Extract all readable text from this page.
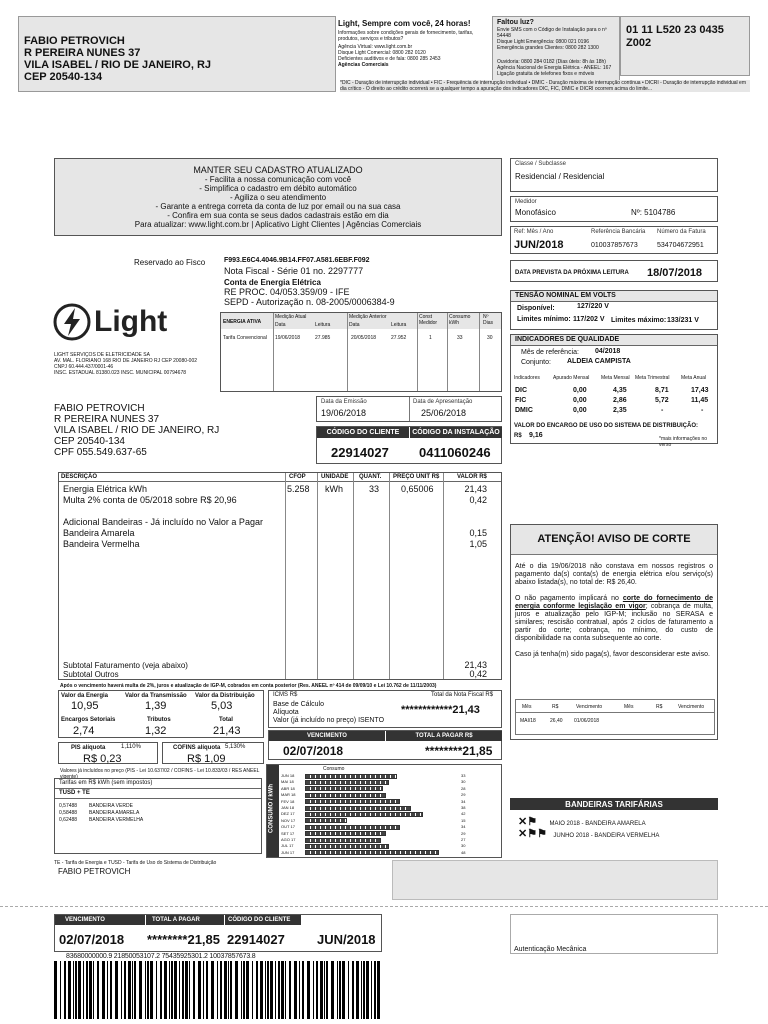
FABIO PETROVICH
R PEREIRA NUNES 37
VILA ISABEL / RIO DE JANEIRO, RJ
CEP 20540-134
Light, Sempre com você, 24 horas!
Informações sobre condições gerais de fornecimento, tarifas, produtos, serviços e tributos?
Agência Virtual: www.light.com.br
Disque Light Comercial: 0800 282 0120
Deficientes auditivos e de fala: 0800 285 2453
Agências Comerciais
Faltou luz?
Envie SMS com o Código de Instalação para o nº 54448
Disque Light Emergência: 0800 021 0196
Emergência grandes Clientes: 0800 282 1300
Ouvidoria: 0800 284 0182 (Dias úteis: 8h às 18h)
Agência Nacional de Energia Elétrica - ANEEL: 167
Ligação gratuita de telefones fixos e móveis
01 11 L520 23 0435
Z002
*DIC - Duração de interrupção individual • FIC - Frequência de interrupção individual • DMIC - Duração máxima de interrupção contínua • DICRI - Duração de interrupção individual em dia crítico - O direito ao crédito ocorrerá se a qualquer tempo a apuração dos indicadores DIC, FIC, DMIC e DICRI ocorrem acima do limite...
MANTER SEU CADASTRO ATUALIZADO
- Facilita a nossa comunicação com você
- Simplifica o cadastro em débito automático
- Agiliza o seu atendimento
- Garante a entrega correta da conta de luz por email ou na sua casa
- Confira em sua conta se seus dados cadastrais estão em dia
Para atualizar: www.light.com.br | Aplicativo Light Clientes | Agências Comerciais
Classe / Subclasse
Residencial / Residencial
Medidor
Monofásico	Nº: 5104786
Ref: Mês / Ano
JUN/2018
Referência Bancária
010037857673
Número da Fatura
534704672951
DATA PREVISTA DA PRÓXIMA LEITURA 18/07/2018
Reservado ao Fisco	F993.E6C4.4046.9B14.FF07.A581.6EBF.F092
Nota Fiscal - Série 01 no. 2297777
Conta de Energia Elétrica
RE PROC. 04/053.359/09 - IFE
SEPD - Autorização n. 08-2005/0006384-9
Light
LIGHT SERVIÇOS DE ELETRICIDADE SA
AV. MAL. FLORIANO 168 RIO DE JANEIRO RJ CEP 20080-002
CNPJ 60.444.437/0001-46
INSC. ESTADUAL 81380.023 INSC. MUNICIPAL 00794678
ENERGIA ATIVA
Medição Atual
Data	Leitura
Medição Anterior
Data	Leitura
Const Medidor
Consumo kWh
Nº Dias
Tarifa Convencional 19/06/2018	27.985	20/05/2018	27.952	1	33	30
TENSÃO NOMINAL EM VOLTS
Disponível:	127/220 V
Limites mínimo: 117/202 V Limites máximo: 133/231 V
INDICADORES DE QUALIDADE
Mês de referência: 04/2018
Conjunto: ALDEIA CAMPISTA
Indicadores	Apurado Mensal Meta Mensal Meta Trimestral Meta Anual
DIC	0,00	4,35	8,71	17,43
FIC	0,00	2,86	5,72	11,45
DMIC	0,00	2,35	-	-
VALOR DO ENCARGO DE USO DO SISTEMA DE DISTRIBUIÇÃO:
R$ 9,16	*mais informações no verso
FABIO PETROVICH
R PEREIRA NUNES 37
VILA ISABEL / RIO DE JANEIRO, RJ
CEP 20540-134
CPF 055.549.637-65
Data da Emissão
19/06/2018
Data de Apresentação
25/06/2018
CÓDIGO DO CLIENTE	CÓDIGO DA INSTALAÇÃO
22914027 0411060246
DESCRIÇÃO	CFOP	UNIDADE QUANT. PREÇO UNIT R$	VALOR R$
Energia Elétrica kWh	5.258 kWh	33 0,65006	21,43
Multa 2% conta de 05/2018 sobre R$ 20,96	0,42
Adicional Bandeiras - Já incluído no Valor a Pagar
Bandeira Amarela	0,15
Bandeira Vermelha	1,05
Subtotal Faturamento (veja abaixo)	21,43
Subtotal Outros	0,42
Após o vencimento haverá multa de 2%, juros e atualização de IGP-M, cobrados em conta posterior (Res. ANEEL nº 414 de 09/09/10 e Lei 10.762 de 11/11/2003)
Valor da Energia
10,95
Valor da Transmissão
1,39
Valor da Distribuição
5,03
Encargos Setoriais
2,74
Tributos
1,32
Total
21,43
ICMS R$	Total da Nota Fiscal R$
Base de Cálculo
Alíquota
Valor (já incluído no preço) ISENTO
************21,43
VENCIMENTO	TOTAL A PAGAR R$
02/07/2018	********21,85
PIS alíquota	1,110%
R$ 0,23
COFINS alíquota 5,130%
R$ 1,09
Valores já incluídos no preço (PIS - Lei 10.637/02 / COFINS - Lei 10.833/03 / RES ANEEL vigente)
Tarifas em R$ kWh (sem impostos)
TUSD + TE
0,57488 BANDEIRA VERDE
0,58488 BANDEIRA AMARELA
0,62488 BANDEIRA VERMELHA	CONSUMO / kWh
Consumo
JUN 18	33
MAI 18	30
ABR 18	28
MAR 18	29
FEV 18	34
JAN 18	38
DEZ 17	42
NOV 17	15
OUT 17	34
SET 17	29
AGO 17	27
JUL 17	30
JUN 17	48
TE - Tarifa de Energia e TUSD - Tarifa de Uso do Sistema de Distribuição
FABIO PETROVICH
ATENÇÃO! AVISO DE CORTE
Até o dia 19/06/2018 não constava em nossos registros o pagamento da(s) conta(s) de energia elétrica e/ou serviço(s) abaixo listada(s), no total de: R$ 26,40.
O não pagamento implicará no corte do fornecimento de energia conforme legislação em vigor; cobrança de multa, juros e atualização pelo IGP-M; inclusão no SERASA e similares; rescisão contratual, após 2 ciclos de faturamento a partir do corte; cobrança, no mínimo, do custo de disponibilidade na conta subsequente ao corte.
Caso já tenha(m) sido paga(s), favor desconsiderar este aviso.
Mês	R$	Vencimento	Mês	R$	Vencimento
MAI/18	26,40 01/06/2018
BANDEIRAS TARIFÁRIAS
✕⚑ MAIO 2018 - BANDEIRA AMARELA
✕⚑⚑ JUNHO 2018 - BANDEIRA VERMELHA
VENCIMENTO	TOTAL A PAGAR	CÓDIGO DO CLIENTE
02/07/2018 ********21,85 22914027 JUN/2018
Autenticação Mecânica
83680000000.9 21850053107.2 75435925301.2 10037857673.8
